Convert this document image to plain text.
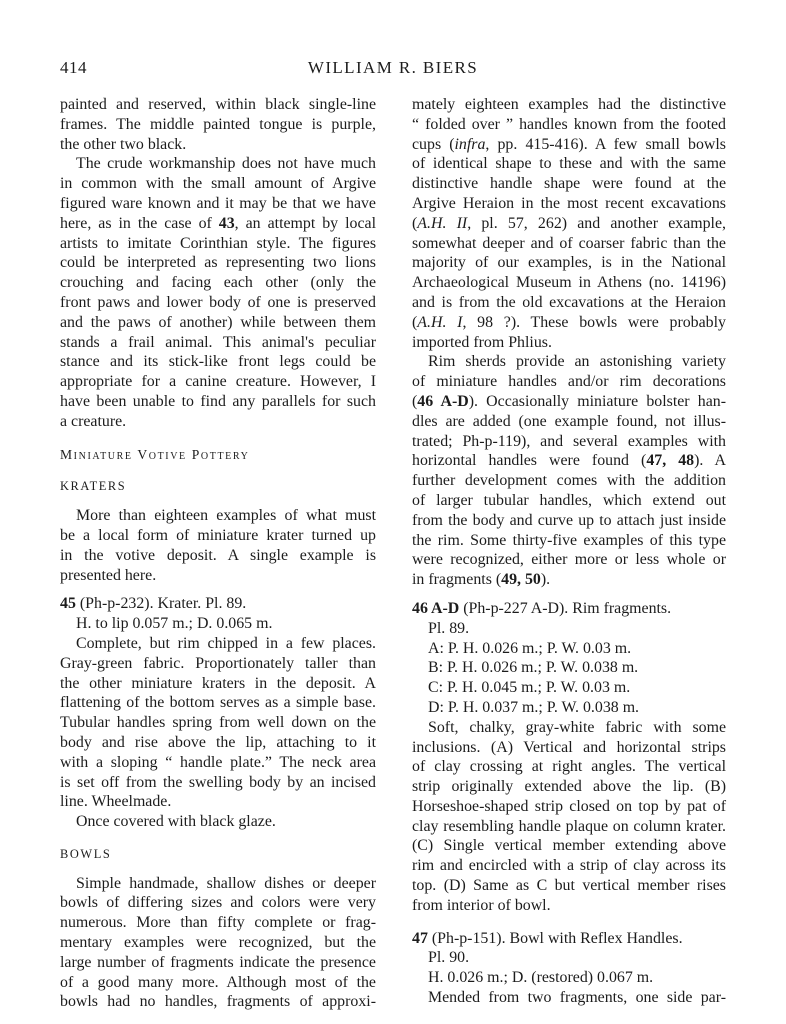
414	WILLIAM R. BIERS
painted and reserved, within black single-line
frames. The middle painted tongue is purple,
the other two black.
The crude workmanship does not have much
in common with the small amount of Argive
figured ware known and it may be that we have
here, as in the case of 43, an attempt by local
artists to imitate Corinthian style. The figures
could be interpreted as representing two lions
crouching and facing each other (only the
front paws and lower body of one is preserved
and the paws of another) while between them
stands a frail animal. This animal's peculiar
stance and its stick-like front legs could be
appropriate for a canine creature. However, I
have been unable to find any parallels for such
a creature.
Miniature Votive Pottery
KRATERS
More than eighteen examples of what must
be a local form of miniature krater turned up
in the votive deposit. A single example is
presented here.
45 (Ph-p-232). Krater. Pl. 89.
H. to lip 0.057 m.; D. 0.065 m.
Complete, but rim chipped in a few places.
Gray-green fabric. Proportionately taller than
the other miniature kraters in the deposit. A
flattening of the bottom serves as a simple base.
Tubular handles spring from well down on the
body and rise above the lip, attaching to it
with a sloping “ handle plate.” The neck area
is set off from the swelling body by an incised
line. Wheelmade.
Once covered with black glaze.
BOWLS
Simple handmade, shallow dishes or deeper
bowls of differing sizes and colors were very
numerous. More than fifty complete or frag-
mentary examples were recognized, but the
large number of fragments indicate the presence
of a good many more. Although most of the
bowls had no handles, fragments of approxi-
mately eighteen examples had the distinctive
“ folded over ” handles known from the footed
cups (infra, pp. 415-416). A few small bowls
of identical shape to these and with the same
distinctive handle shape were found at the
Argive Heraion in the most recent excavations
(A.H. II, pl. 57, 262) and another example,
somewhat deeper and of coarser fabric than the
majority of our examples, is in the National
Archaeological Museum in Athens (no. 14196)
and is from the old excavations at the Heraion
(A.H. I, 98 ?). These bowls were probably
imported from Phlius.
Rim sherds provide an astonishing variety
of miniature handles and/or rim decorations
(46 A-D). Occasionally miniature bolster han-
dles are added (one example found, not illus-
trated; Ph-p-119), and several examples with
horizontal handles were found (47, 48). A
further development comes with the addition
of larger tubular handles, which extend out
from the body and curve up to attach just inside
the rim. Some thirty-five examples of this type
were recognized, either more or less whole or
in fragments (49, 50).
46 A-D (Ph-p-227 A-D). Rim fragments.
Pl. 89.
A: P. H. 0.026 m.; P. W. 0.03 m.
B: P. H. 0.026 m.; P. W. 0.038 m.
C: P. H. 0.045 m.; P. W. 0.03 m.
D: P. H. 0.037 m.; P. W. 0.038 m.
Soft, chalky, gray-white fabric with some
inclusions. (A) Vertical and horizontal strips
of clay crossing at right angles. The vertical
strip originally extended above the lip. (B)
Horseshoe-shaped strip closed on top by pat of
clay resembling handle plaque on column krater.
(C) Single vertical member extending above
rim and encircled with a strip of clay across its
top. (D) Same as C but vertical member rises
from interior of bowl.
47 (Ph-p-151). Bowl with Reflex Handles.
Pl. 90.
H. 0.026 m.; D. (restored) 0.067 m.
Mended from two fragments, one side par-
